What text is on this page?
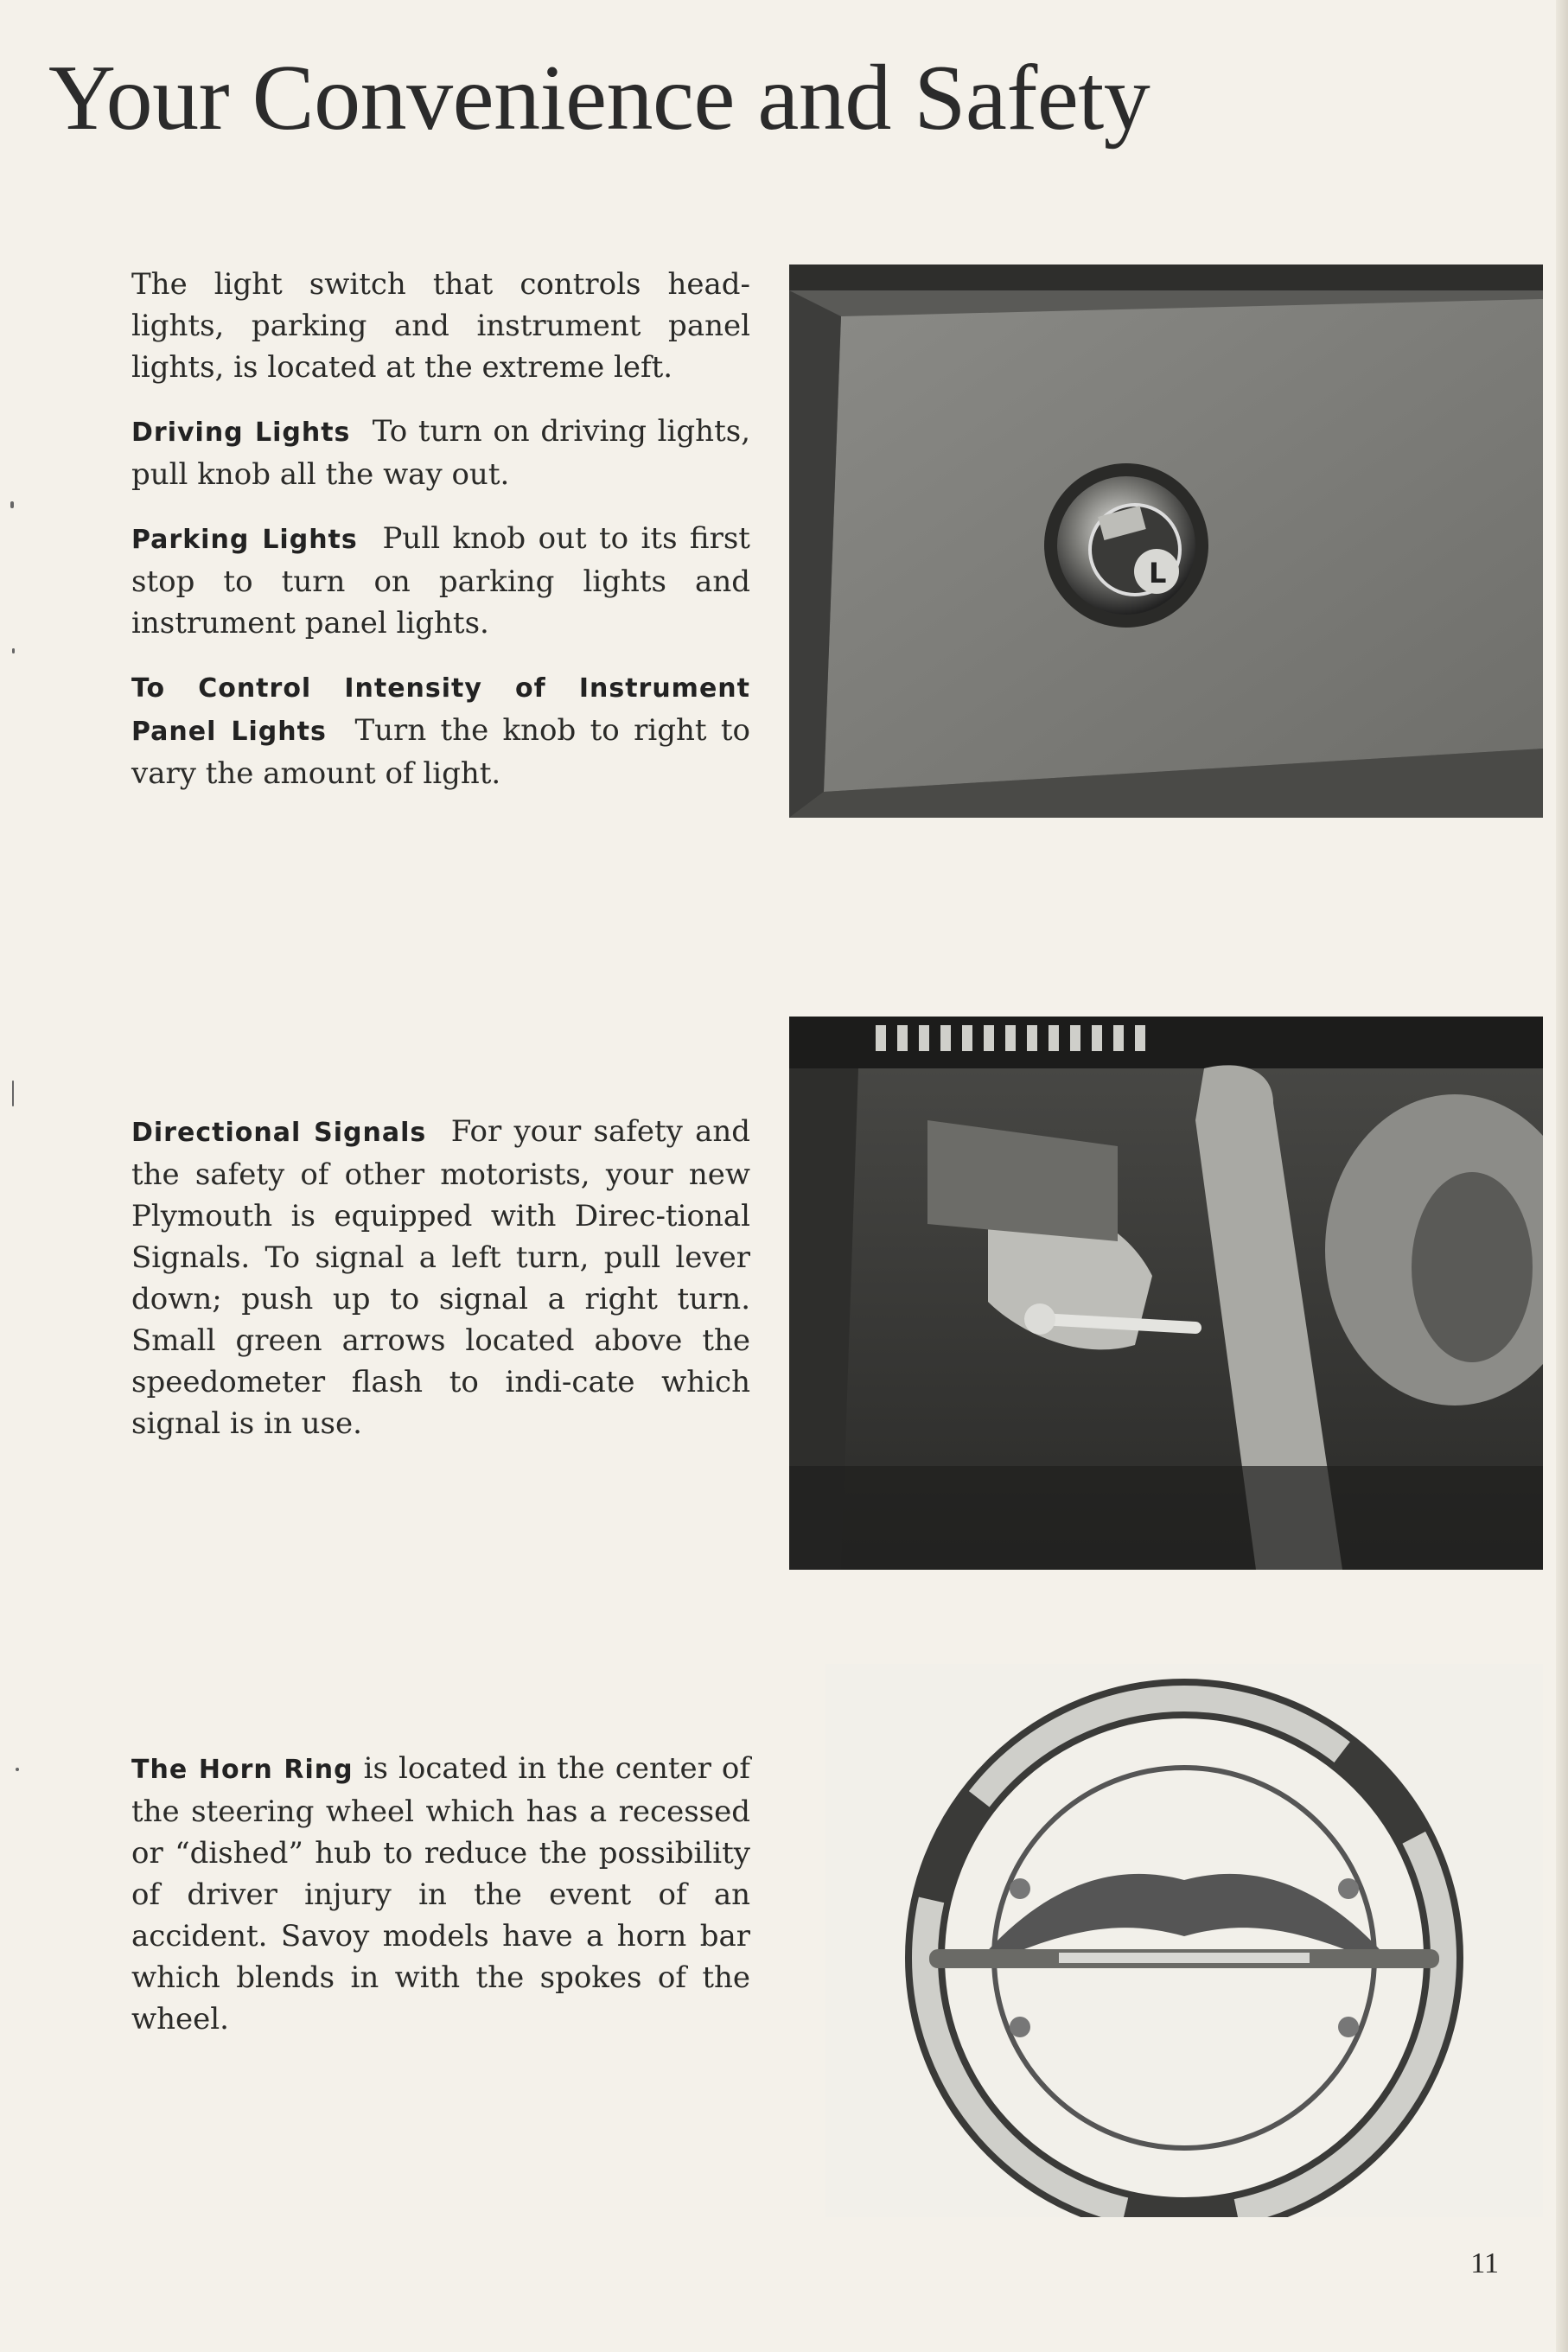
Your Convenience and Safety

The light switch that controls head-lights, parking and instrument panel lights, is located at the extreme left.

Driving Lights To turn on driving lights, pull knob all the way out.

Parking Lights Pull knob out to its first stop to turn on parking lights and instrument panel lights.

To Control Intensity of Instrument Panel Lights Turn the knob to right to vary the amount of light.

L

Directional Signals For your safety and the safety of other motorists, your new Plymouth is equipped with Direc-tional Signals. To signal a left turn, pull lever down; push up to signal a right turn. Small green arrows located above the speedometer flash to indi-cate which signal is in use.

The Horn Ring is located in the center of the steering wheel which has a recessed or “dished” hub to reduce the possibility of driver injury in the event of an accident. Savoy models have a horn bar which blends in with the spokes of the wheel.

11
